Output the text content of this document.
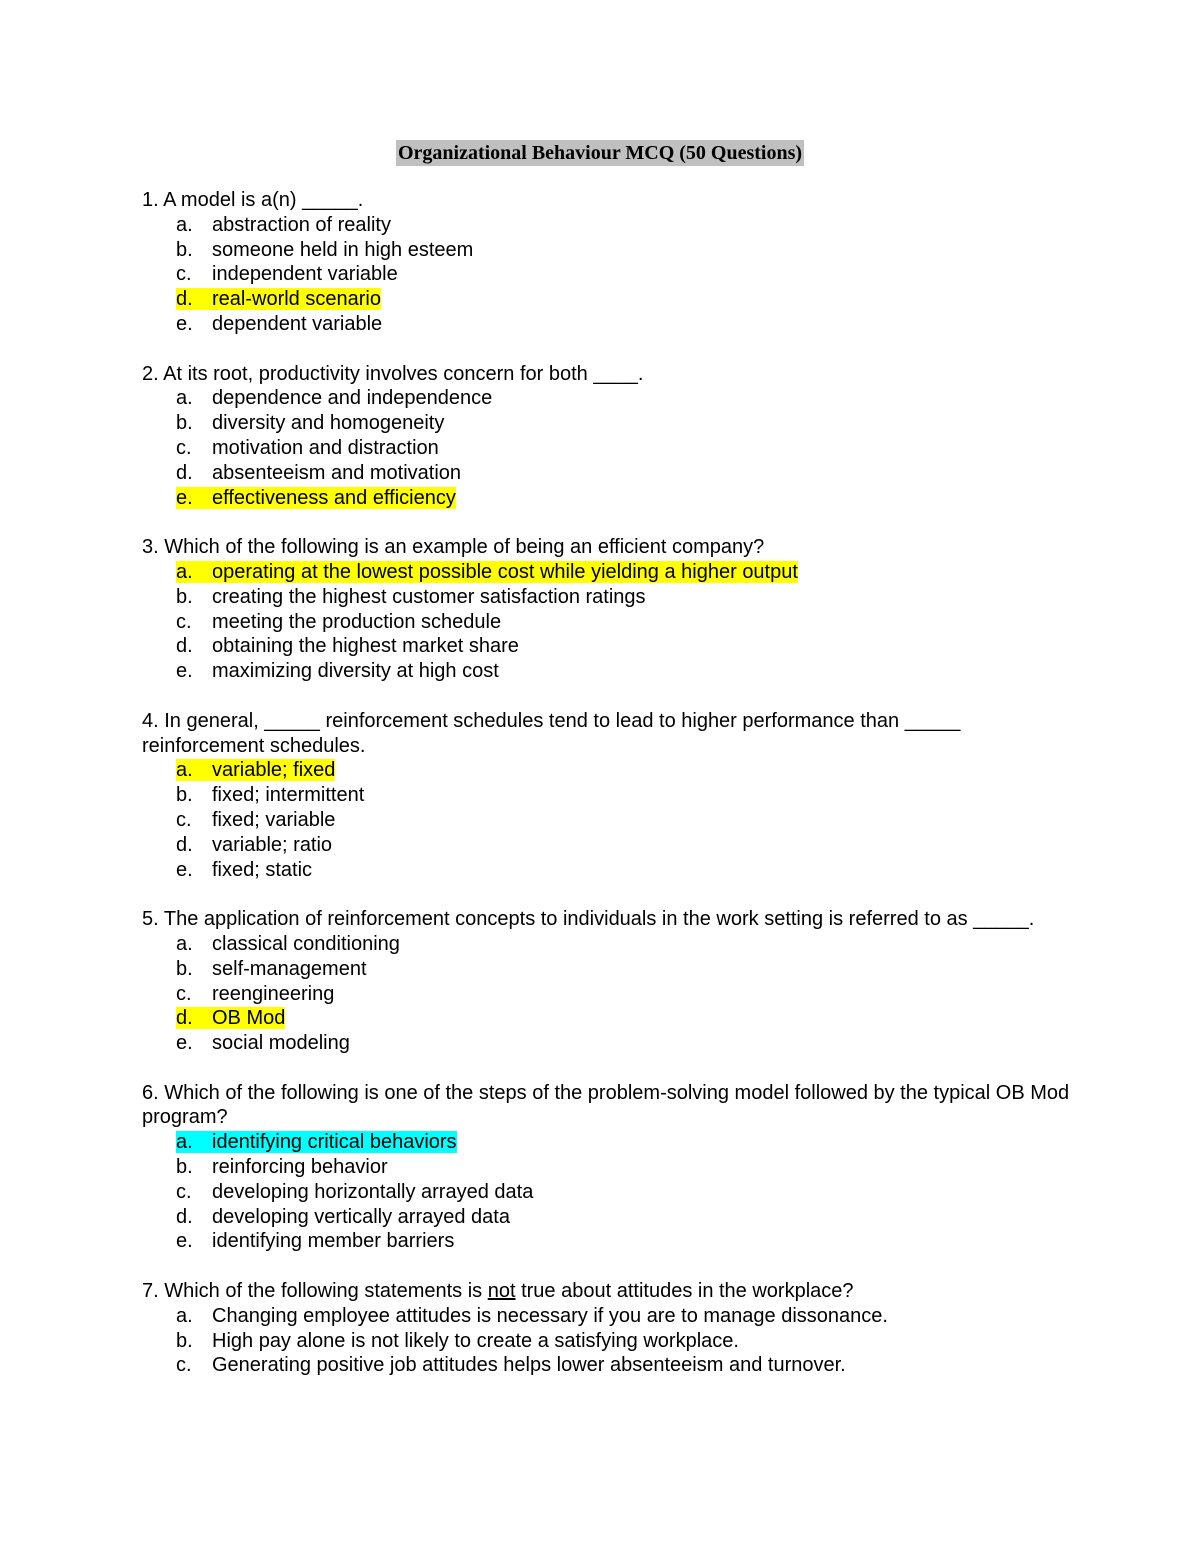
Organizational Behaviour MCQ (50 Questions)
1. A model is a(n) _____.
a. abstraction of reality
b. someone held in high esteem
c. independent variable
d. real-world scenario
e. dependent variable
2. At its root, productivity involves concern for both ____.
a. dependence and independence
b. diversity and homogeneity
c. motivation and distraction
d. absenteeism and motivation
e. effectiveness and efficiency
3. Which of the following is an example of being an efficient company?
a. operating at the lowest possible cost while yielding a higher output
b. creating the highest customer satisfaction ratings
c. meeting the production schedule
d. obtaining the highest market share
e. maximizing diversity at high cost
4. In general, _____ reinforcement schedules tend to lead to higher performance than _____ reinforcement schedules.
a. variable; fixed
b. fixed; intermittent
c. fixed; variable
d. variable; ratio
e. fixed; static
5. The application of reinforcement concepts to individuals in the work setting is referred to as _____.
a. classical conditioning
b. self-management
c. reengineering
d. OB Mod
e. social modeling
6. Which of the following is one of the steps of the problem-solving model followed by the typical OB Mod program?
a. identifying critical behaviors
b. reinforcing behavior
c. developing horizontally arrayed data
d. developing vertically arrayed data
e. identifying member barriers
7. Which of the following statements is not true about attitudes in the workplace?
a. Changing employee attitudes is necessary if you are to manage dissonance.
b. High pay alone is not likely to create a satisfying workplace.
c. Generating positive job attitudes helps lower absenteeism and turnover.
